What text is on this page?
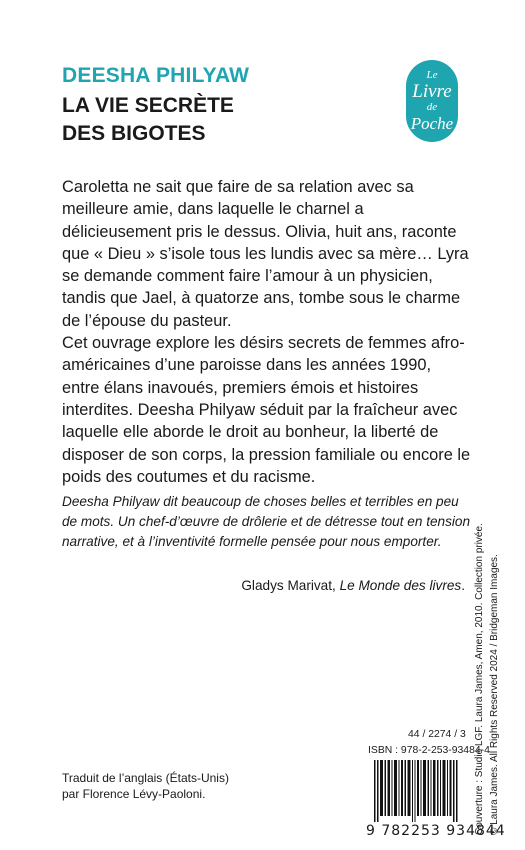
DEESHA PHILYAW
LA VIE SECRÈTE
DES BIGOTES
Le
Livre
de
Poche

Caroletta ne sait que faire de sa relation avec sa meilleure amie, dans laquelle le charnel a délicieusement pris le dessus. Olivia, huit ans, raconte que « Dieu » s’isole tous les lundis avec sa mère… Lyra se demande comment faire l’amour à un physicien, tandis que Jael, à quatorze ans, tombe sous le charme de l’épouse du pasteur.

Cet ouvrage explore les désirs secrets de femmes afro-américaines d’une paroisse dans les années 1990, entre élans inavoués, premiers émois et histoires interdites. Deesha Philyaw séduit par la fraîcheur avec laquelle elle aborde le droit au bonheur, la liberté de disposer de son corps, la pression familiale ou encore le poids des coutumes et du racisme.

Deesha Philyaw dit beaucoup de choses belles et terribles en peu de mots. Un chef-d’œuvre de drôlerie et de détresse tout en tension narrative, et à l’inventivité formelle pensée pour nous emporter.
Gladys Marivat, Le Monde des livres. Couverture : Studio LGF. Laura James, Amen, 2010. Collection privée. © Laura James. All Rights Reserved 2024 / Bridgeman Images.
44 / 2274 / 3
ISBN : 978-2-253-93484-4
Traduit de l’anglais (États-Unis)
par Florence Lévy-Paoloni.
9 782253 934844
